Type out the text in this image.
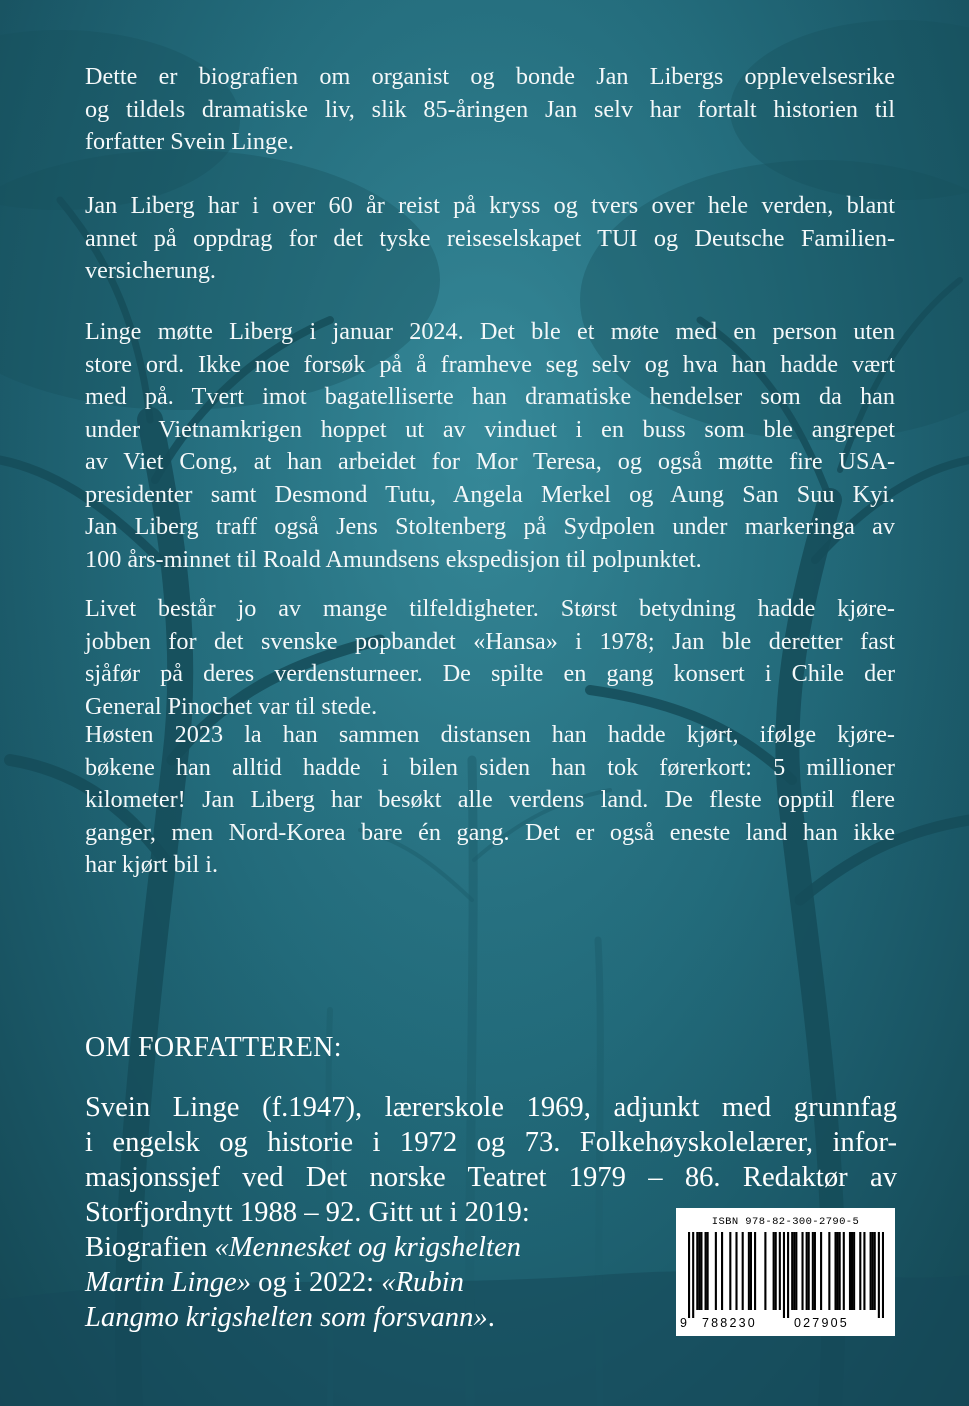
Dette er biografien om organist og bonde Jan Libergs opplevelsesrike
og tildels dramatiske liv, slik 85-åringen Jan selv har fortalt historien til
forfatter Svein Linge.

Jan Liberg har i over 60 år reist på kryss og tvers over hele verden, blant
annet på oppdrag for det tyske reiseselskapet TUI og Deutsche Familien-
versicherung.

Linge møtte Liberg i januar 2024. Det ble et møte med en person uten
store ord. Ikke noe forsøk på å framheve seg selv og hva han hadde vært
med på. Tvert imot bagatelliserte han dramatiske hendelser som da han
under Vietnamkrigen hoppet ut av vinduet i en buss som ble angrepet
av Viet Cong, at han arbeidet for Mor Teresa, og også møtte fire USA-
presidenter samt Desmond Tutu, Angela Merkel og Aung San Suu Kyi.
Jan Liberg traff også Jens Stoltenberg på Sydpolen under markeringa av
100 års-minnet til Roald Amundsens ekspedisjon til polpunktet.

Livet består jo av mange tilfeldigheter. Størst betydning hadde kjøre-
jobben for det svenske popbandet «Hansa» i 1978; Jan ble deretter fast
sjåfør på deres verdensturneer. De spilte en gang konsert i Chile der
General Pinochet var til stede.

Høsten 2023 la han sammen distansen han hadde kjørt, ifølge kjøre-
bøkene han alltid hadde i bilen siden han tok førerkort: 5 millioner
kilometer! Jan Liberg har besøkt alle verdens land. De fleste opptil flere
ganger, men Nord-Korea bare én gang. Det er også eneste land han ikke
har kjørt bil i.

OM FORFATTEREN:

Svein Linge (f.1947), lærerskole 1969, adjunkt med grunnfag
i engelsk og historie i 1972 og 73. Folkehøyskolelærer, infor-
masjonssjef ved Det norske Teatret 1979 – 86. Redaktør av
Storfjordnytt 1988 – 92. Gitt ut i 2019:
Biografien «Mennesket og krigshelten
Martin Linge» og i 2022: «Rubin
Langmo krigshelten som forsvann».

ISBN 978-82-300-2790-5
9 788230	027905
